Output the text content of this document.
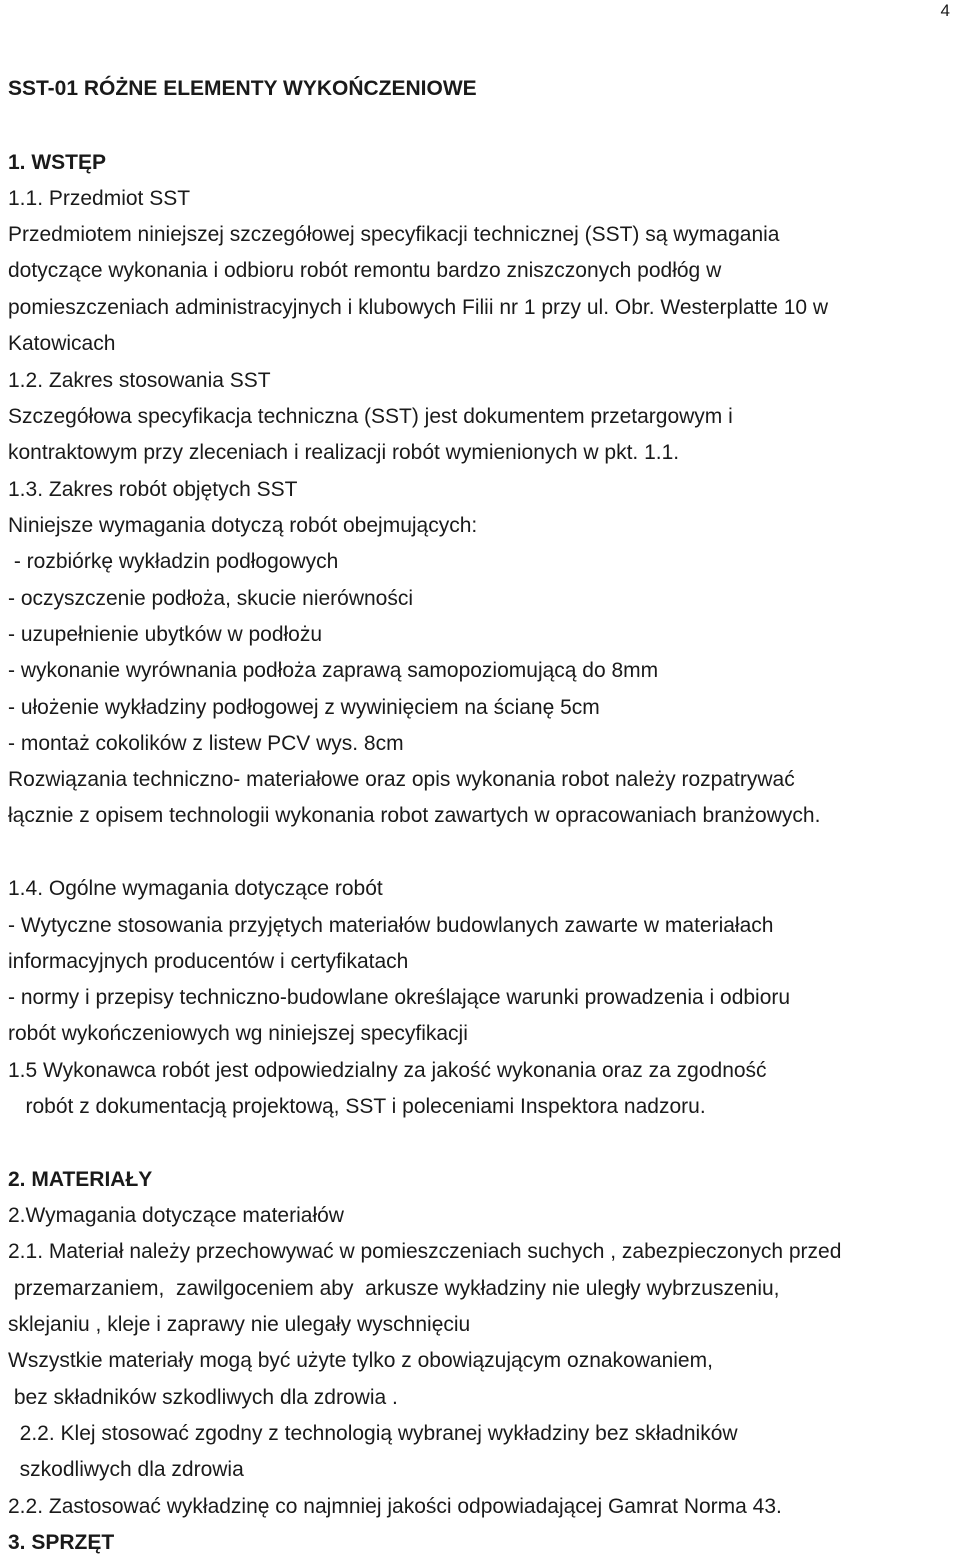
4
SST-01 RÓŻNE ELEMENTY WYKOŃCZENIOWE
1. WSTĘP
1.1. Przedmiot SST
Przedmiotem niniejszej szczegółowej specyfikacji technicznej (SST) są wymagania
dotyczące wykonania i odbioru robót remontu bardzo zniszczonych podłóg w
pomieszczeniach administracyjnych i klubowych Filii nr 1 przy ul. Obr. Westerplatte 10 w
Katowicach
1.2. Zakres stosowania SST
Szczegółowa specyfikacja techniczna (SST) jest dokumentem przetargowym i
kontraktowym przy zleceniach i realizacji robót wymienionych w pkt. 1.1.
1.3. Zakres robót objętych SST
Niniejsze wymagania dotyczą robót obejmujących:
- rozbiórkę wykładzin podłogowych
- oczyszczenie podłoża, skucie nierówności
- uzupełnienie ubytków w podłożu
- wykonanie wyrównania podłoża zaprawą samopoziomującą do 8mm
- ułożenie wykładziny podłogowej z wywinięciem na ścianę 5cm
- montaż cokolików z listew PCV wys. 8cm
Rozwiązania techniczno- materiałowe oraz opis wykonania robot należy rozpatrywać
łącznie z opisem technologii wykonania robot zawartych w opracowaniach branżowych.
1.4. Ogólne wymagania dotyczące robót
- Wytyczne stosowania przyjętych materiałów budowlanych zawarte w materiałach
informacyjnych producentów i certyfikatach
- normy i przepisy techniczno-budowlane określające warunki prowadzenia i odbioru
robót wykończeniowych wg niniejszej specyfikacji
1.5 Wykonawca robót jest odpowiedzialny za jakość wykonania oraz za zgodność
robót z dokumentacją projektową, SST i poleceniami Inspektora nadzoru.
2. MATERIAŁY
2.Wymagania dotyczące materiałów
2.1. Materiał należy przechowywać w pomieszczeniach suchych , zabezpieczonych przed
przemarzaniem,  zawilgoceniem aby  arkusze wykładziny nie uległy wybrzuszeniu,
sklejaniu , kleje i zaprawy nie ulegały wyschnięciu
Wszystkie materiały mogą być użyte tylko z obowiązującym oznakowaniem,
bez składników szkodliwych dla zdrowia .
2.2. Klej stosować zgodny z technologią wybranej wykładziny bez składników
szkodliwych dla zdrowia
2.2. Zastosować wykładzinę co najmniej jakości odpowiadającej Gamrat Norma 43.
3. SPRZĘT
